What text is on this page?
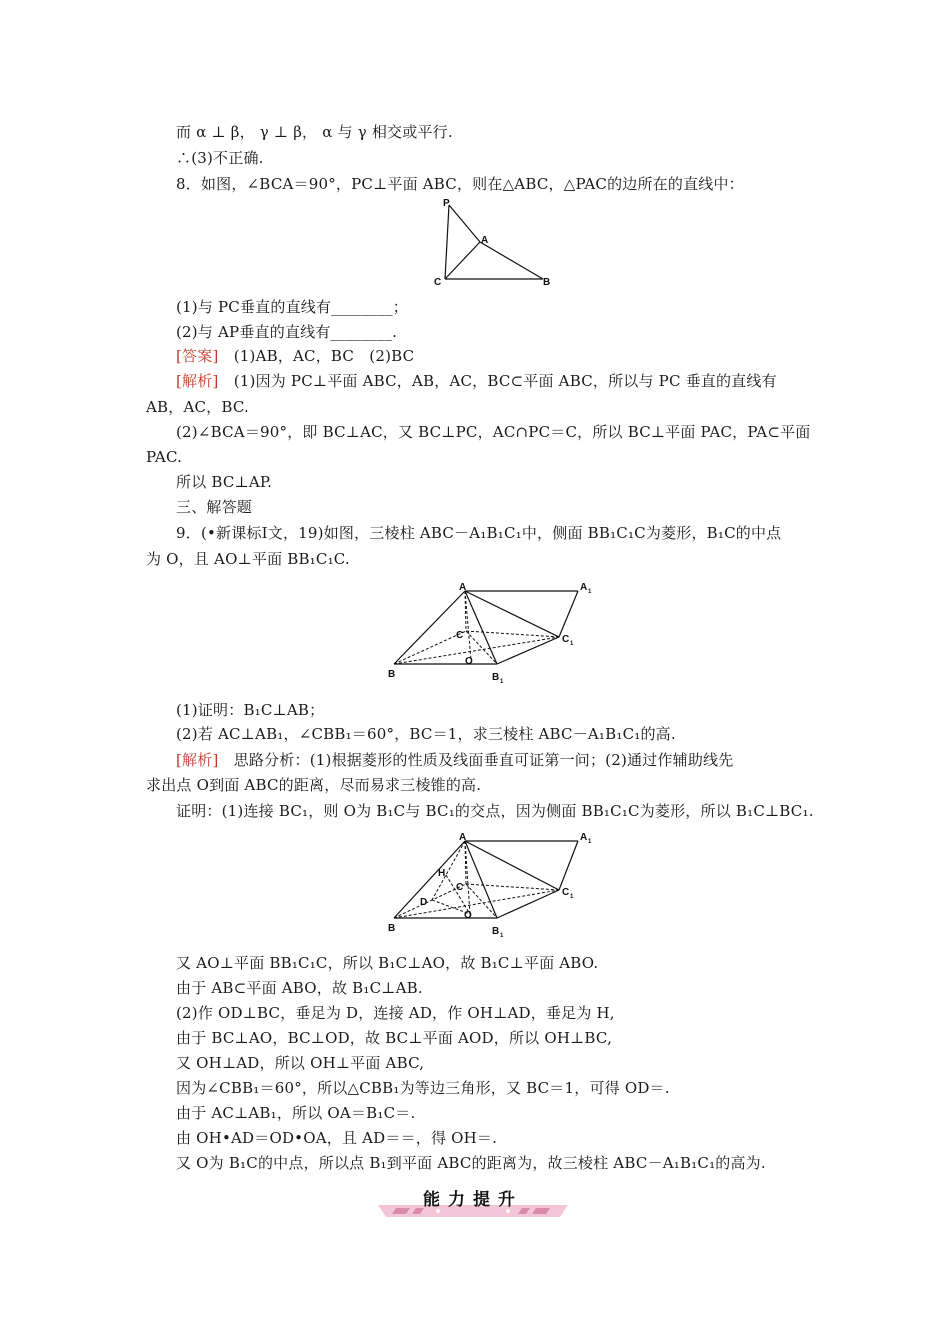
而 α ⊥ β， γ ⊥ β， α 与 γ 相交或平行.
∴(3)不正确.
8．如图，∠BCA＝90°，PC⊥平面 ABC，则在△ABC，△PAC的边所在的直线中：
P
A
C	B
(1)与 PC垂直的直线有________；
(2)与 AP垂直的直线有________.
[答案]　(1)AB，AC，BC　(2)BC
[解析]　(1)因为 PC⊥平面 ABC，AB，AC，BC⊂平面 ABC，所以与 PC 垂直的直线有
AB，AC，BC.
(2)∠BCA＝90°，即 BC⊥AC，又 BC⊥PC，AC∩PC＝C，所以 BC⊥平面 PAC，PA⊂平面
PAC.
所以 BC⊥AP.
三、解答题
9．(•新课标Ⅰ文，19)如图，三棱柱 ABC－A₁B₁C₁中，侧面 BB₁C₁C为菱形，B₁C的中点
为 O，且 AO⊥平面 BB₁C₁C.
A	A 1
C	C 1
O
B	B 1
(1)证明：B₁C⊥AB；
(2)若 AC⊥AB₁，∠CBB₁＝60°，BC＝1，求三棱柱 ABC－A₁B₁C₁的高.
[解析]　思路分析：(1)根据菱形的性质及线面垂直可证第一问；(2)通过作辅助线先
求出点 O到面 ABC的距离，尽而易求三棱锥的高.
证明：(1)连接 BC₁，则 O为 B₁C与 BC₁的交点，因为侧面 BB₁C₁C为菱形，所以 B₁C⊥BC₁.
A	A 1
H
C	C 1
D
O
B	B 1
又 AO⊥平面 BB₁C₁C，所以 B₁C⊥AO，故 B₁C⊥平面 ABO.
由于 AB⊂平面 ABO，故 B₁C⊥AB.
(2)作 OD⊥BC，垂足为 D，连接 AD，作 OH⊥AD，垂足为 H,
由于 BC⊥AO，BC⊥OD，故 BC⊥平面 AOD，所以 OH⊥BC,
又 OH⊥AD，所以 OH⊥平面 ABC,
因为∠CBB₁＝60°，所以△CBB₁为等边三角形，又 BC＝1，可得 OD＝.
由于 AC⊥AB₁，所以 OA＝B₁C＝.
由 OH•AD＝OD•OA，且 AD＝＝，得 OH＝.
又 O为 B₁C的中点，所以点 B₁到平面 ABC的距离为，故三棱柱 ABC－A₁B₁C₁的高为.
能力提升
